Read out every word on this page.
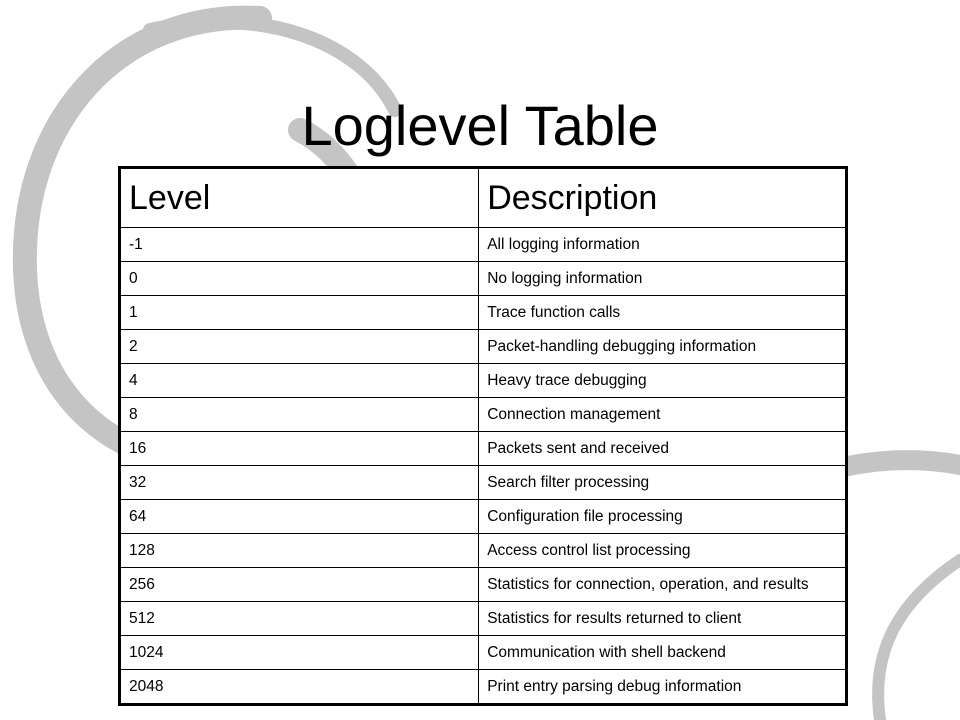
Loglevel Table
Level	Description
-1	All logging information
0	No logging information
1	Trace function calls
2	Packet-handling debugging information
4	Heavy trace debugging
8	Connection management
16	Packets sent and received
32	Search filter processing
64	Configuration file processing
128	Access control list processing
256	Statistics for connection, operation, and results
512	Statistics for results returned to client
1024	Communication with shell backend
2048	Print entry parsing debug information
